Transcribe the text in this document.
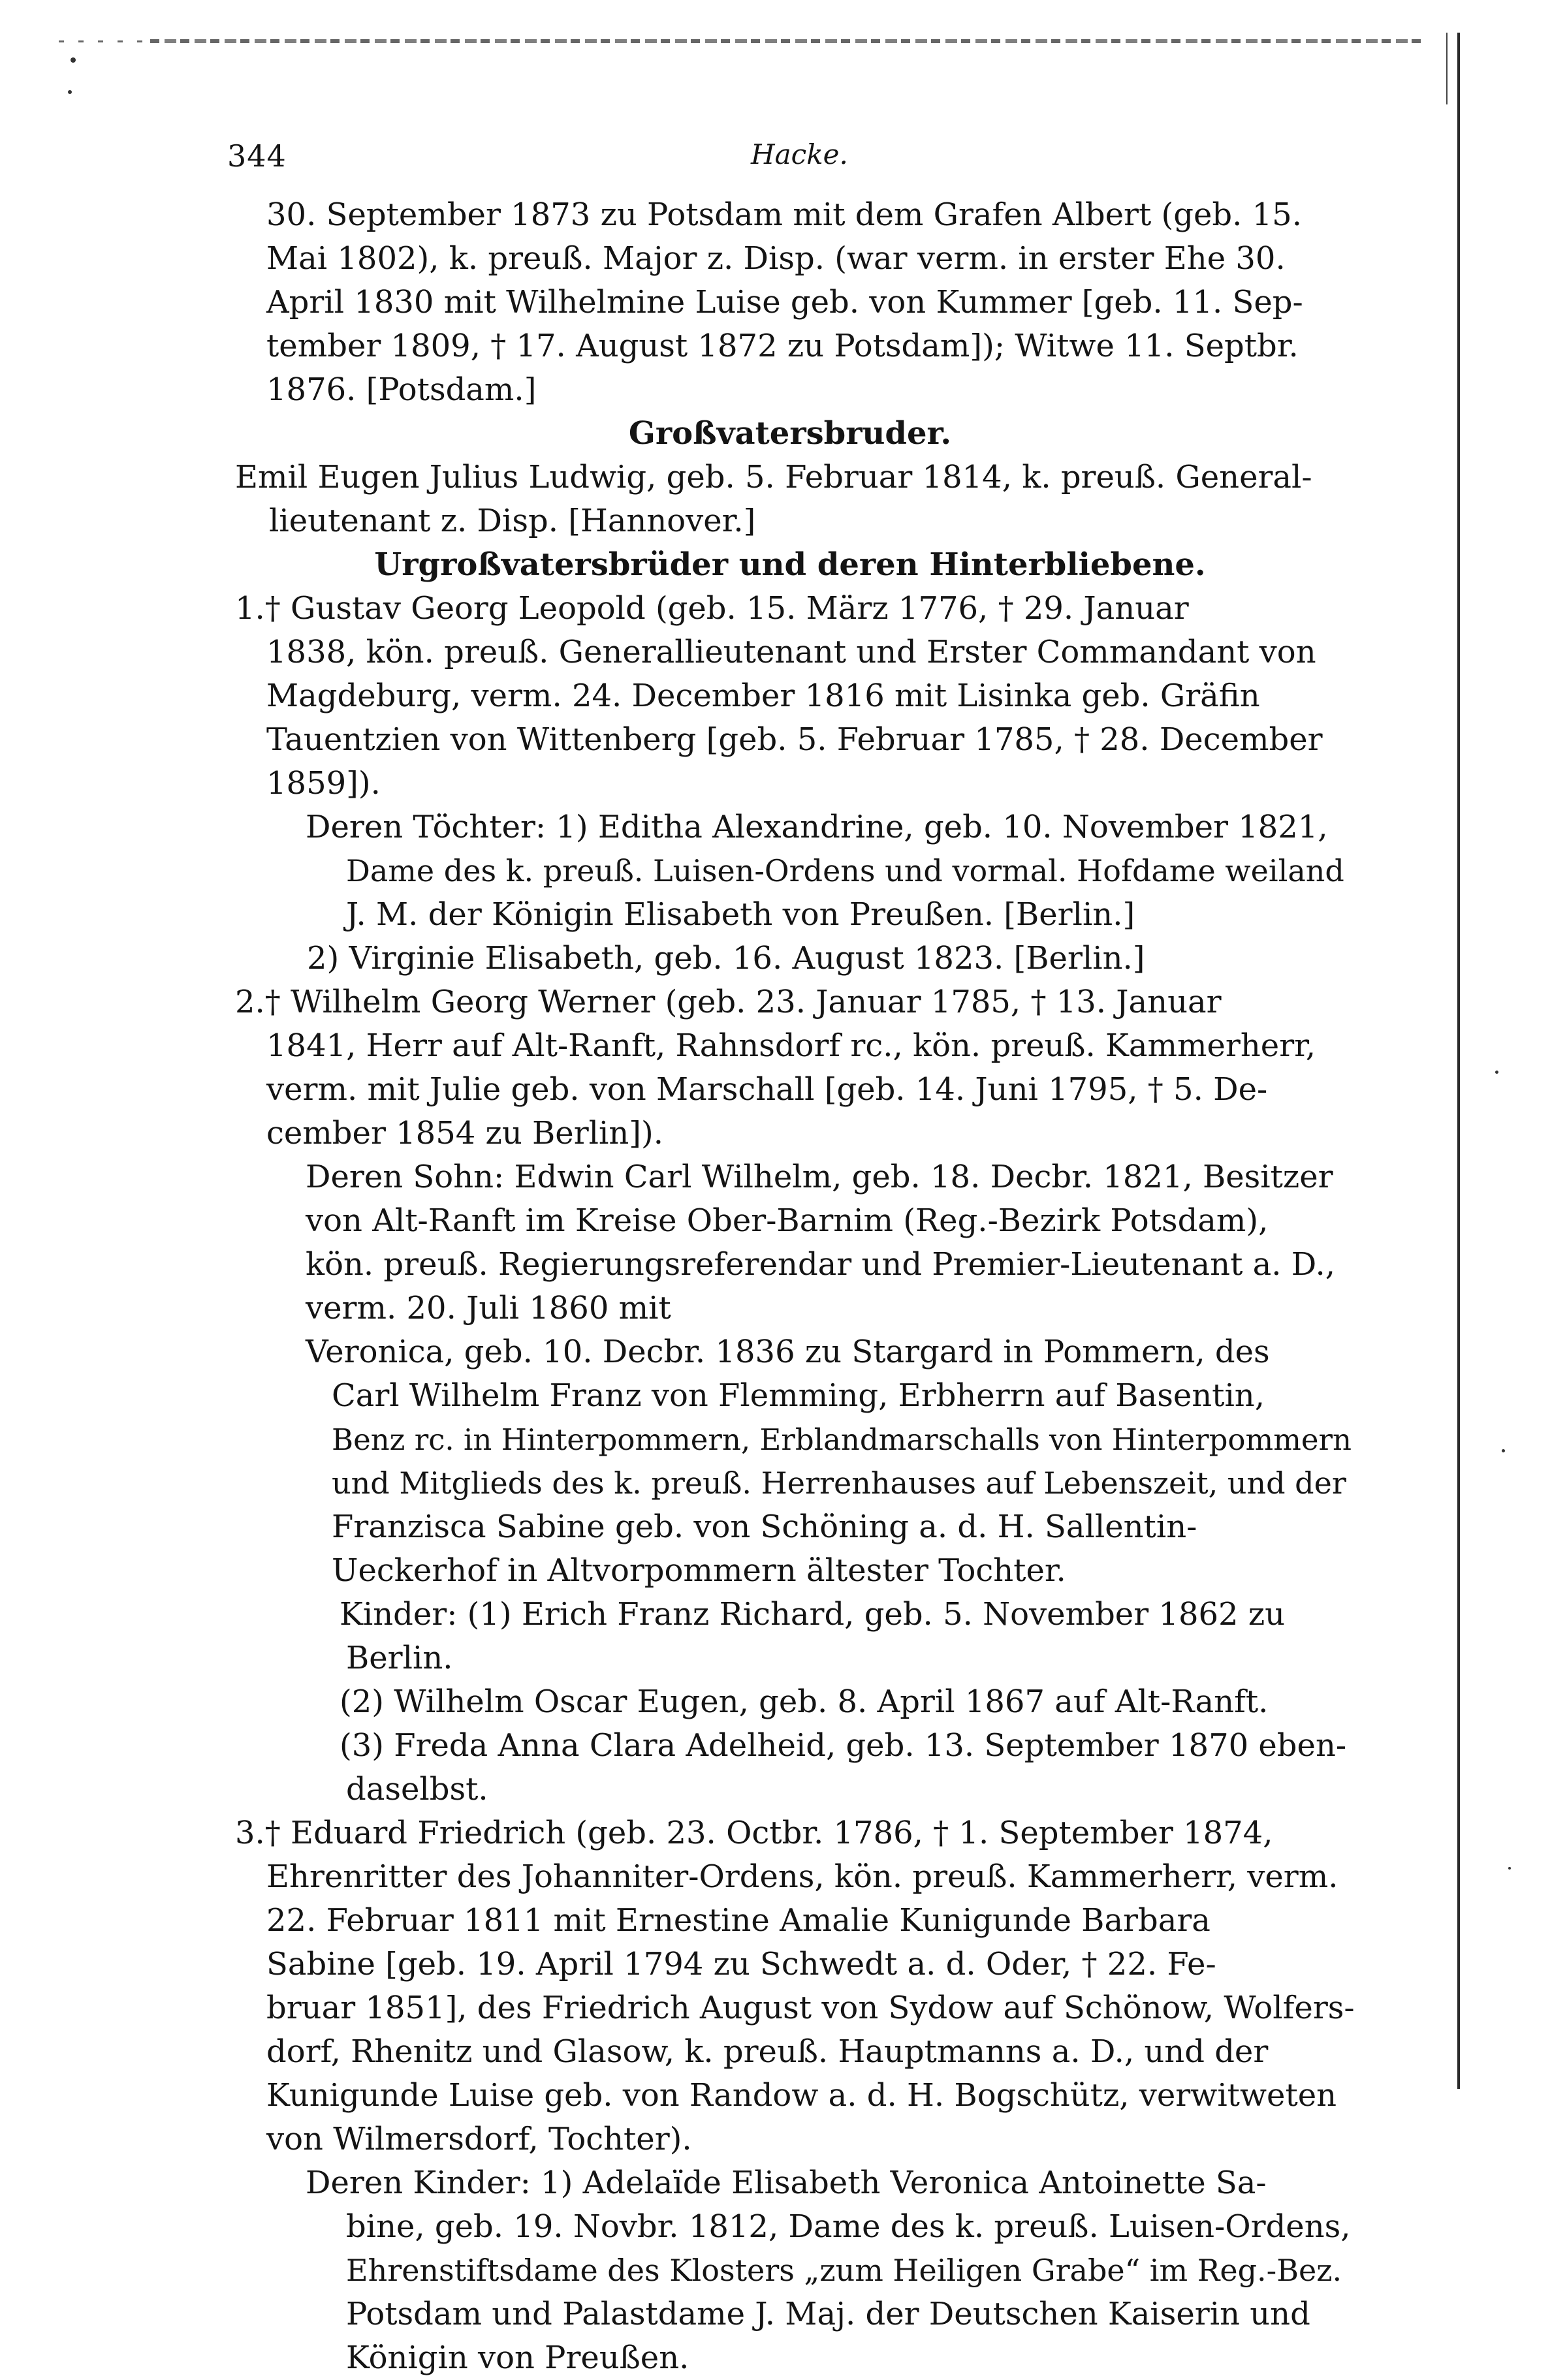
344	Hacke.
30. September 1873 zu Potsdam mit dem Grafen Albert (geb. 15.
Mai 1802), k. preuß. Major z. Disp. (war verm. in erster Ehe 30.
April 1830 mit Wilhelmine Luise geb. von Kummer [geb. 11. Sep-
tember 1809, † 17. August 1872 zu Potsdam]); Witwe 11. Septbr.
1876. [Potsdam.]
Großvatersbruder.
Emil Eugen Julius Ludwig, geb. 5. Februar 1814, k. preuß. General-
lieutenant z. Disp. [Hannover.]
Urgroßvatersbrüder und deren Hinterbliebene.
1.† Gustav Georg Leopold (geb. 15. März 1776, † 29. Januar
1838, kön. preuß. Generallieutenant und Erster Commandant von
Magdeburg, verm. 24. December 1816 mit Lisinka geb. Gräfin
Tauentzien von Wittenberg [geb. 5. Februar 1785, † 28. December
1859]).
Deren Töchter: 1) Editha Alexandrine, geb. 10. November 1821,
Dame des k. preuß. Luisen-Ordens und vormal. Hofdame weiland
J. M. der Königin Elisabeth von Preußen. [Berlin.]
2) Virginie Elisabeth, geb. 16. August 1823. [Berlin.]
2.† Wilhelm Georg Werner (geb. 23. Januar 1785, † 13. Januar
1841, Herr auf Alt-Ranft, Rahnsdorf rc., kön. preuß. Kammerherr,
verm. mit Julie geb. von Marschall [geb. 14. Juni 1795, † 5. De-
cember 1854 zu Berlin]).
Deren Sohn: Edwin Carl Wilhelm, geb. 18. Decbr. 1821, Besitzer
von Alt-Ranft im Kreise Ober-Barnim (Reg.-Bezirk Potsdam),
kön. preuß. Regierungsreferendar und Premier-Lieutenant a. D.,
verm. 20. Juli 1860 mit
Veronica, geb. 10. Decbr. 1836 zu Stargard in Pommern, des
Carl Wilhelm Franz von Flemming, Erbherrn auf Basentin,
Benz rc. in Hinterpommern, Erblandmarschalls von Hinterpommern
und Mitglieds des k. preuß. Herrenhauses auf Lebenszeit, und der
Franzisca Sabine geb. von Schöning a. d. H. Sallentin-
Ueckerhof in Altvorpommern ältester Tochter.
Kinder: (1) Erich Franz Richard, geb. 5. November 1862 zu
Berlin.
(2) Wilhelm Oscar Eugen, geb. 8. April 1867 auf Alt-Ranft.
(3) Freda Anna Clara Adelheid, geb. 13. September 1870 eben-
daselbst.
3.† Eduard Friedrich (geb. 23. Octbr. 1786, † 1. September 1874,
Ehrenritter des Johanniter-Ordens, kön. preuß. Kammerherr, verm.
22. Februar 1811 mit Ernestine Amalie Kunigunde Barbara
Sabine [geb. 19. April 1794 zu Schwedt a. d. Oder, † 22. Fe-
bruar 1851], des Friedrich August von Sydow auf Schönow, Wolfers-
dorf, Rhenitz und Glasow, k. preuß. Hauptmanns a. D., und der
Kunigunde Luise geb. von Randow a. d. H. Bogschütz, verwitweten
von Wilmersdorf, Tochter).
Deren Kinder: 1) Adelaïde Elisabeth Veronica Antoinette Sa-
bine, geb. 19. Novbr. 1812, Dame des k. preuß. Luisen-Ordens,
Ehrenstiftsdame des Klosters „zum Heiligen Grabe“ im Reg.-Bez.
Potsdam und Palastdame J. Maj. der Deutschen Kaiserin und
Königin von Preußen.
